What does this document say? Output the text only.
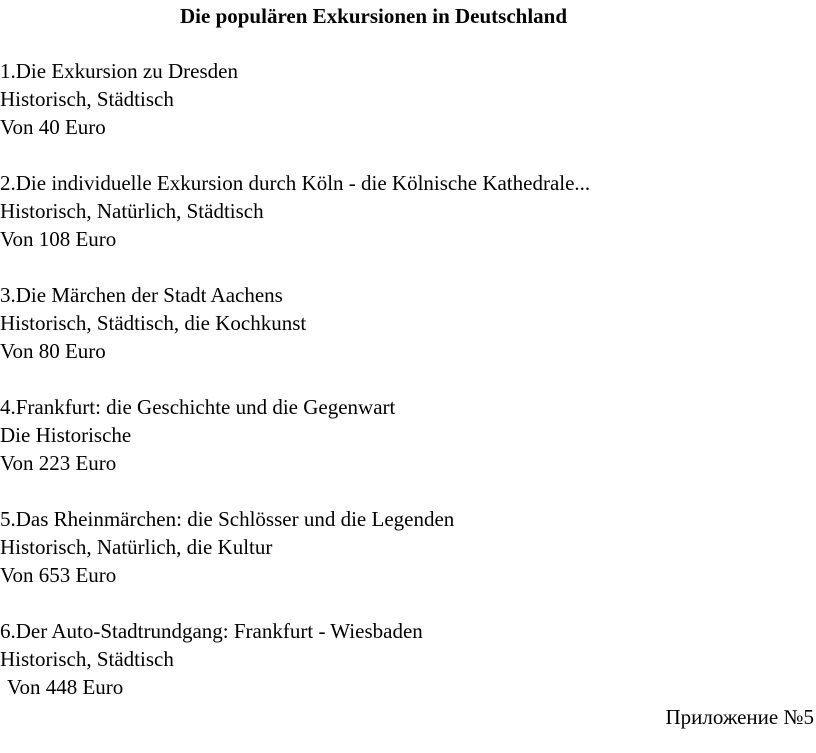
Die populären Exkursionen in Deutschland
1.Die Exkursion zu Dresden
Historisch, Städtisch
Von 40 Euro
2.Die individuelle Exkursion durch Köln - die Kölnische Kathedrale...
Historisch, Natürlich, Städtisch
Von 108 Euro
3.Die Märchen der Stadt Aachens
Historisch, Städtisch, die Kochkunst
Von 80 Euro
4.Frankfurt: die Geschichte und die Gegenwart
Die Historische
Von 223 Euro
5.Das Rheinmärchen: die Schlösser und die Legenden
Historisch, Natürlich, die Kultur
Von 653 Euro
6.Der Auto-Stadtrundgang: Frankfurt - Wiesbaden
Historisch, Städtisch
Von 448 Euro
Приложение №5
